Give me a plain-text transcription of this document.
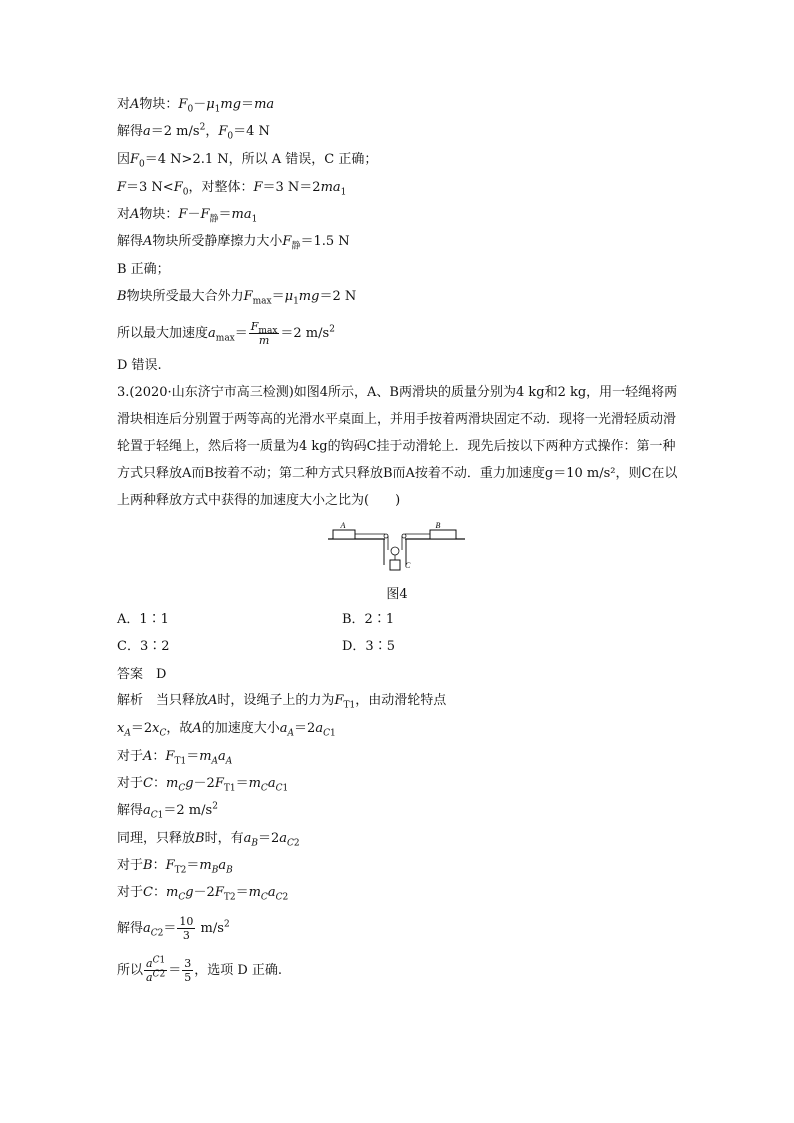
对A物块：$F_0-\mu_1mg=ma$
解得a＝2 $m/s^2$，$F_0=4$ N
因$F_0=4$ N>2.1 N，所以 A 错误，C 正确；
F＝3 $N<F_0$，对整体：F＝3 $N=2ma_1$
对A物块：$F-F_静=ma_1$
解得A物块所受静摩擦力大小$F_静=1.5$ N
B 正确；
B物块所受最大合外力$F_{max}=\mu_1mg=2$ N
所以最大加速度$a_{max}= \frac{F_{max}}{m} =2$ $m/s^2$
D 错误.
3.(2020·山东济宁市高三检测)如图4所示，A、B两滑块的质量分别为4 kg和2 kg，用一轻绳将两滑块相连后分别置于两等高的光滑水平桌面上，并用手按着两滑块固定不动．现将一光滑轻质动滑轮置于轻绳上，然后将一质量为4 kg的钩码C挂于动滑轮上．现先后按以下两种方式操作：第一种方式只释放A而B按着不动；第二种方式只释放B而A按着不动．重力加速度g＝10 m/s²，则C在以上两种释放方式中获得的加速度大小之比为(　　)
A	B
C
图4
A．1∶1	B．2∶1
C．3∶2	D．3∶5
答案　 D
解析　当只释放A时，设绳子上的力为$F_{T1}$，由动滑轮特点
$x_A=2x_C$，故A的加速度大小$a_A=2a_{C1}$
对于A：$F_{T1}=m_Aa_A$
对于C：$m_Cg-2F_{T1}=m_Ca_{C1}$
解得$a_{C1}=2$ $m/s^2$
同理，只释放B时，有$a_B=2a_{C2}$
对于B：$F_{T2}=m_Ba_B$
对于C：$m_Cg-2F_{T2}=m_Ca_{C2}$
解得$a_{C2}= \frac{10}{3} m/s^2$
所以 $\frac{a^{C1}}{a^{C2}} = \frac{3}{5}$ ，选项 D 正确.
